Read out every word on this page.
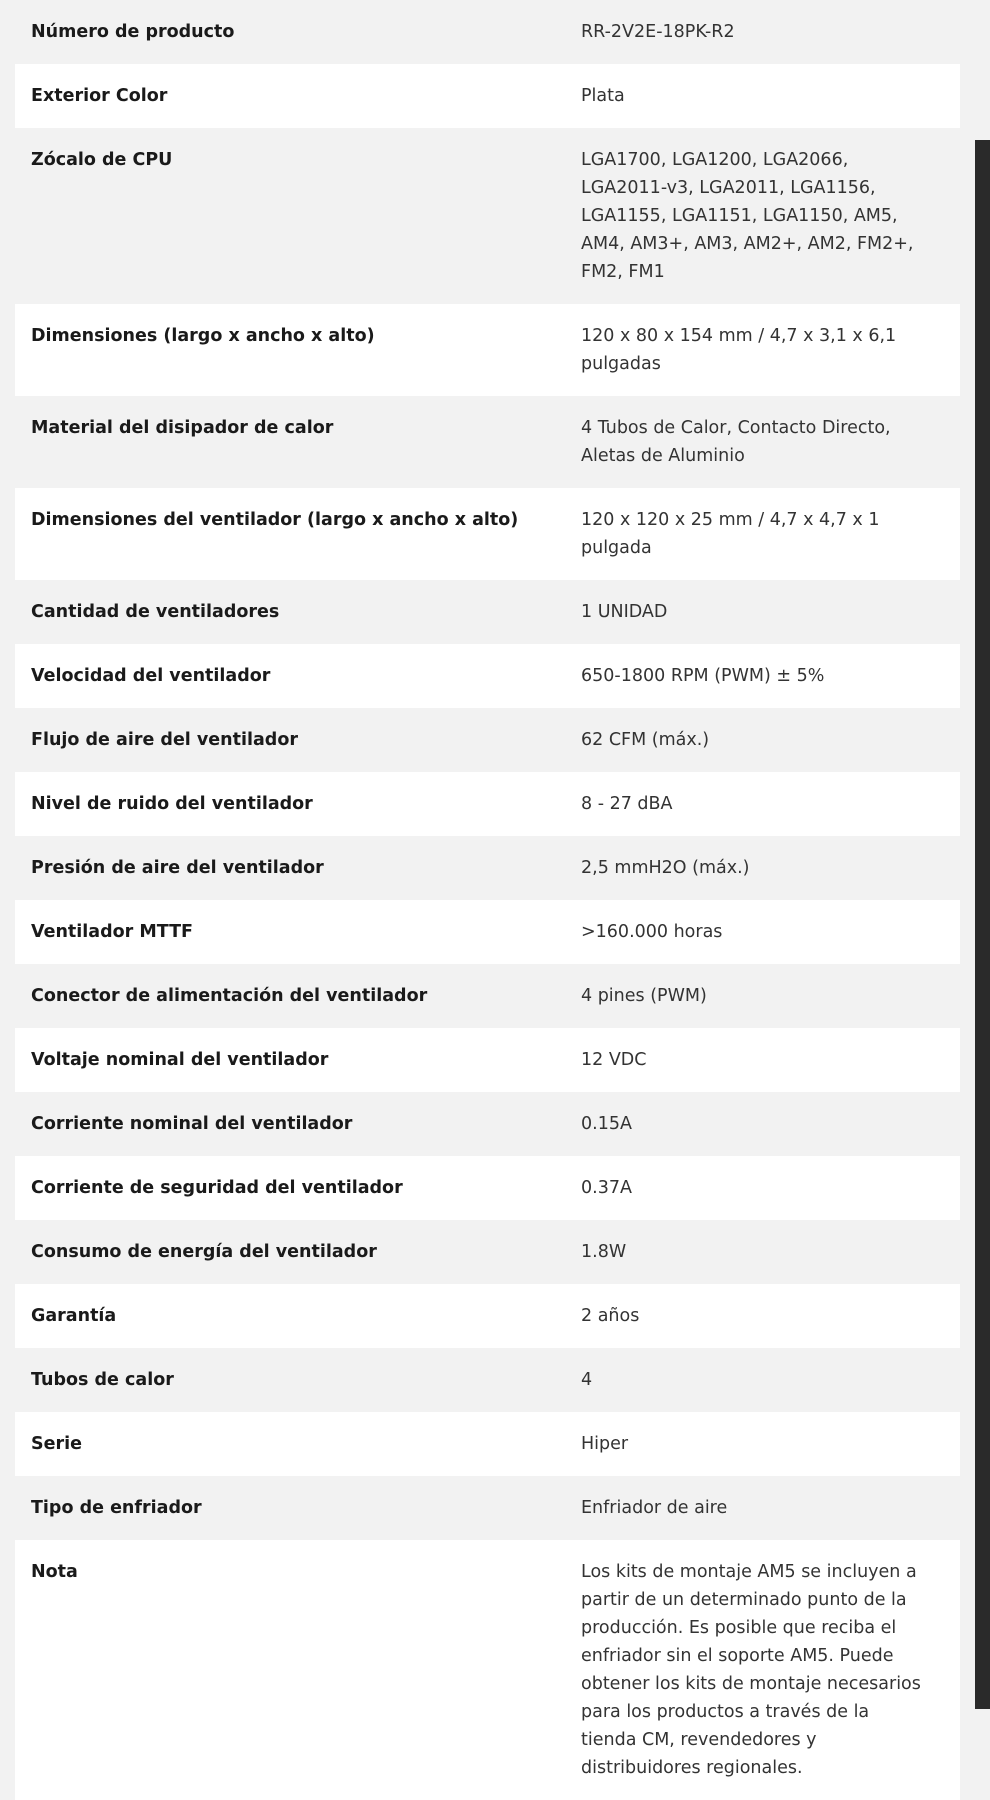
Número de producto	RR-2V2E-18PK-R2
Exterior Color	Plata
Zócalo de CPU	LGA1700, LGA1200, LGA2066, LGA2011-v3, LGA2011, LGA1156, LGA1155, LGA1151, LGA1150, AM5, AM4, AM3+, AM3, AM2+, AM2, FM2+, FM2, FM1
Dimensiones (largo x ancho x alto)	120 x 80 x 154 mm / 4,7 x 3,1 x 6,1 pulgadas
Material del disipador de calor	4 Tubos de Calor, Contacto Directo, Aletas de Aluminio
Dimensiones del ventilador (largo x ancho x alto)	120 x 120 x 25 mm / 4,7 x 4,7 x 1 pulgada
Cantidad de ventiladores	1 UNIDAD
Velocidad del ventilador	650-1800 RPM (PWM) ± 5%
Flujo de aire del ventilador	62 CFM (máx.)
Nivel de ruido del ventilador	8 - 27 dBA
Presión de aire del ventilador	2,5 mmH2O (máx.)
Ventilador MTTF	>160.000 horas
Conector de alimentación del ventilador	4 pines (PWM)
Voltaje nominal del ventilador	12 VDC
Corriente nominal del ventilador	0.15A
Corriente de seguridad del ventilador	0.37A
Consumo de energía del ventilador	1.8W
Garantía	2 años
Tubos de calor	4
Serie	Hiper
Tipo de enfriador	Enfriador de aire
Nota	Los kits de montaje AM5 se incluyen a partir de un determinado punto de la producción. Es posible que reciba el enfriador sin el soporte AM5. Puede obtener los kits de montaje necesarios para los productos a través de la tienda CM, revendedores y distribuidores regionales.
